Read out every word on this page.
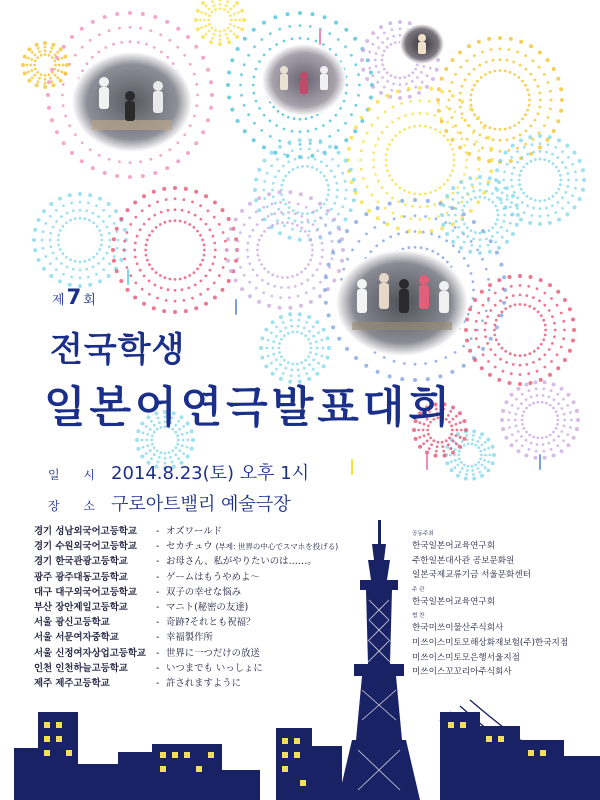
제7 회
전국학생
일본어연극발표대회
일 시 2014.8.23(토) 오후 1시
장 소 구로아트밸리 예술극장
경기 성남외국어고등학교
경기 수원외국어고등학교
경기 한국관광고등학교
광주 광주대동고등학교
대구 대구외국어고등학교
부산 장안제일고등학교
서울 광신고등학교
서울 서문여자중학교
서울 신정여자상업고등학교
인천 인천하늘고등학교
제주 제주고등학교
- オズワールド
- セカチュウ (부제: 世界の中心でスマホを投げる)
- お母さん、私がやりたいのは……。
- ゲームはもうやめよ～
- 双子の幸せな悩み
- マニト(秘密の友達)
- 奇跡?それとも祝福？
- 幸福製作所
- 世界に一つだけの放送
- いつまでも いっしょに
- 許されますように
공동주최
한국일본어교육연구회
주한일본대사관 공보문화원
일본국제교류기금 서울문화센터
주 관
한국일본어교육연구회
협 찬
한국미쓰이물산주식회사
미쓰이스미토모해상화재보험(주)한국지점
미쓰이스미토모은행서울지점
미쓰이스꼬꼬리아주식회사
